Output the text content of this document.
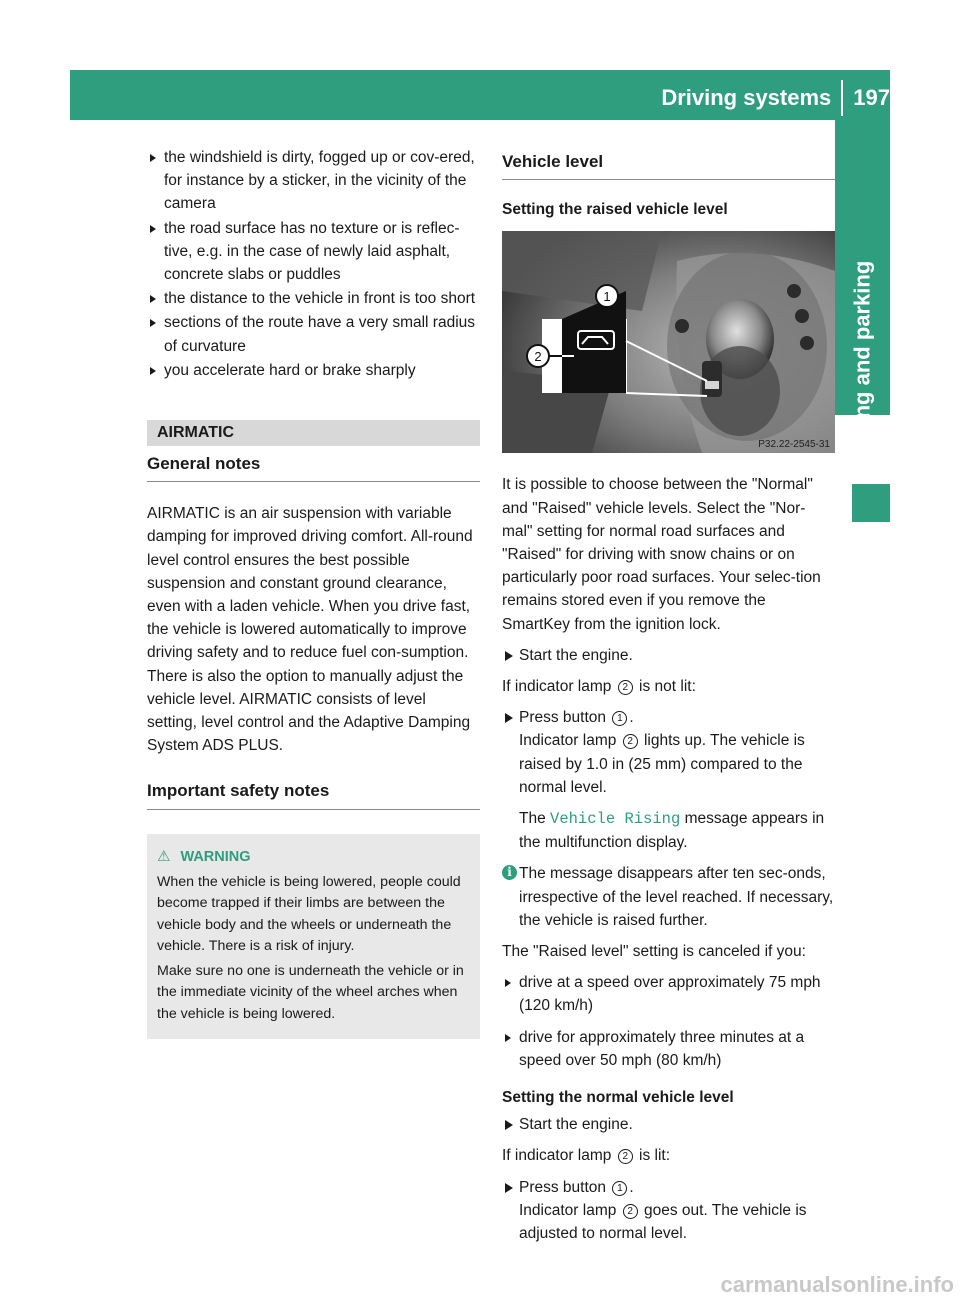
Driving systems 197
Driving and parking
the windshield is dirty, fogged up or cov-ered, for instance by a sticker, in the vicinity of the camera
the road surface has no texture or is reflec-tive, e.g. in the case of newly laid asphalt, concrete slabs or puddles
the distance to the vehicle in front is too short
sections of the route have a very small radius of curvature
you accelerate hard or brake sharply
AIRMATIC
General notes

AIRMATIC is an air suspension with variable damping for improved driving comfort. All-round level control ensures the best possible suspension and constant ground clearance, even with a laden vehicle. When you drive fast, the vehicle is lowered automatically to improve driving safety and to reduce fuel con-sumption. There is also the option to manually adjust the vehicle level. AIRMATIC consists of level setting, level control and the Adaptive Damping System ADS PLUS.

Important safety notes
⚠ WARNING

When the vehicle is being lowered, people could become trapped if their limbs are between the vehicle body and the wheels or underneath the vehicle. There is a risk of injury.

Make sure no one is underneath the vehicle or in the immediate vicinity of the wheel arches when the vehicle is being lowered.

Vehicle level
Setting the raised vehicle level
1
2
P32.22-2545-31

It is possible to choose between the "Normal" and "Raised" vehicle levels. Select the "Nor-mal" setting for normal road surfaces and "Raised" for driving with snow chains or on particularly poor road surfaces. Your selec-tion remains stored even if you remove the SmartKey from the ignition lock.

Start the engine.

If indicator lamp 2 is not lit:

Press button 1 .
Indicator lamp 2 lights up. The vehicle is raised by 1.0 in (25 mm) compared to the normal level.
The Vehicle Rising message appears in the multifunction display.
i The message disappears after ten sec-onds, irrespective of the level reached. If necessary, the vehicle is raised further.

The "Raised level" setting is canceled if you:

drive at a speed over approximately 75 mph (120 km/h)
drive for approximately three minutes at a speed over 50 mph (80 km/h)
Setting the normal vehicle level
Start the engine.

If indicator lamp 2 is lit:

Press button 1 .
Indicator lamp 2 goes out. The vehicle is adjusted to normal level.
carmanualsonline.info
